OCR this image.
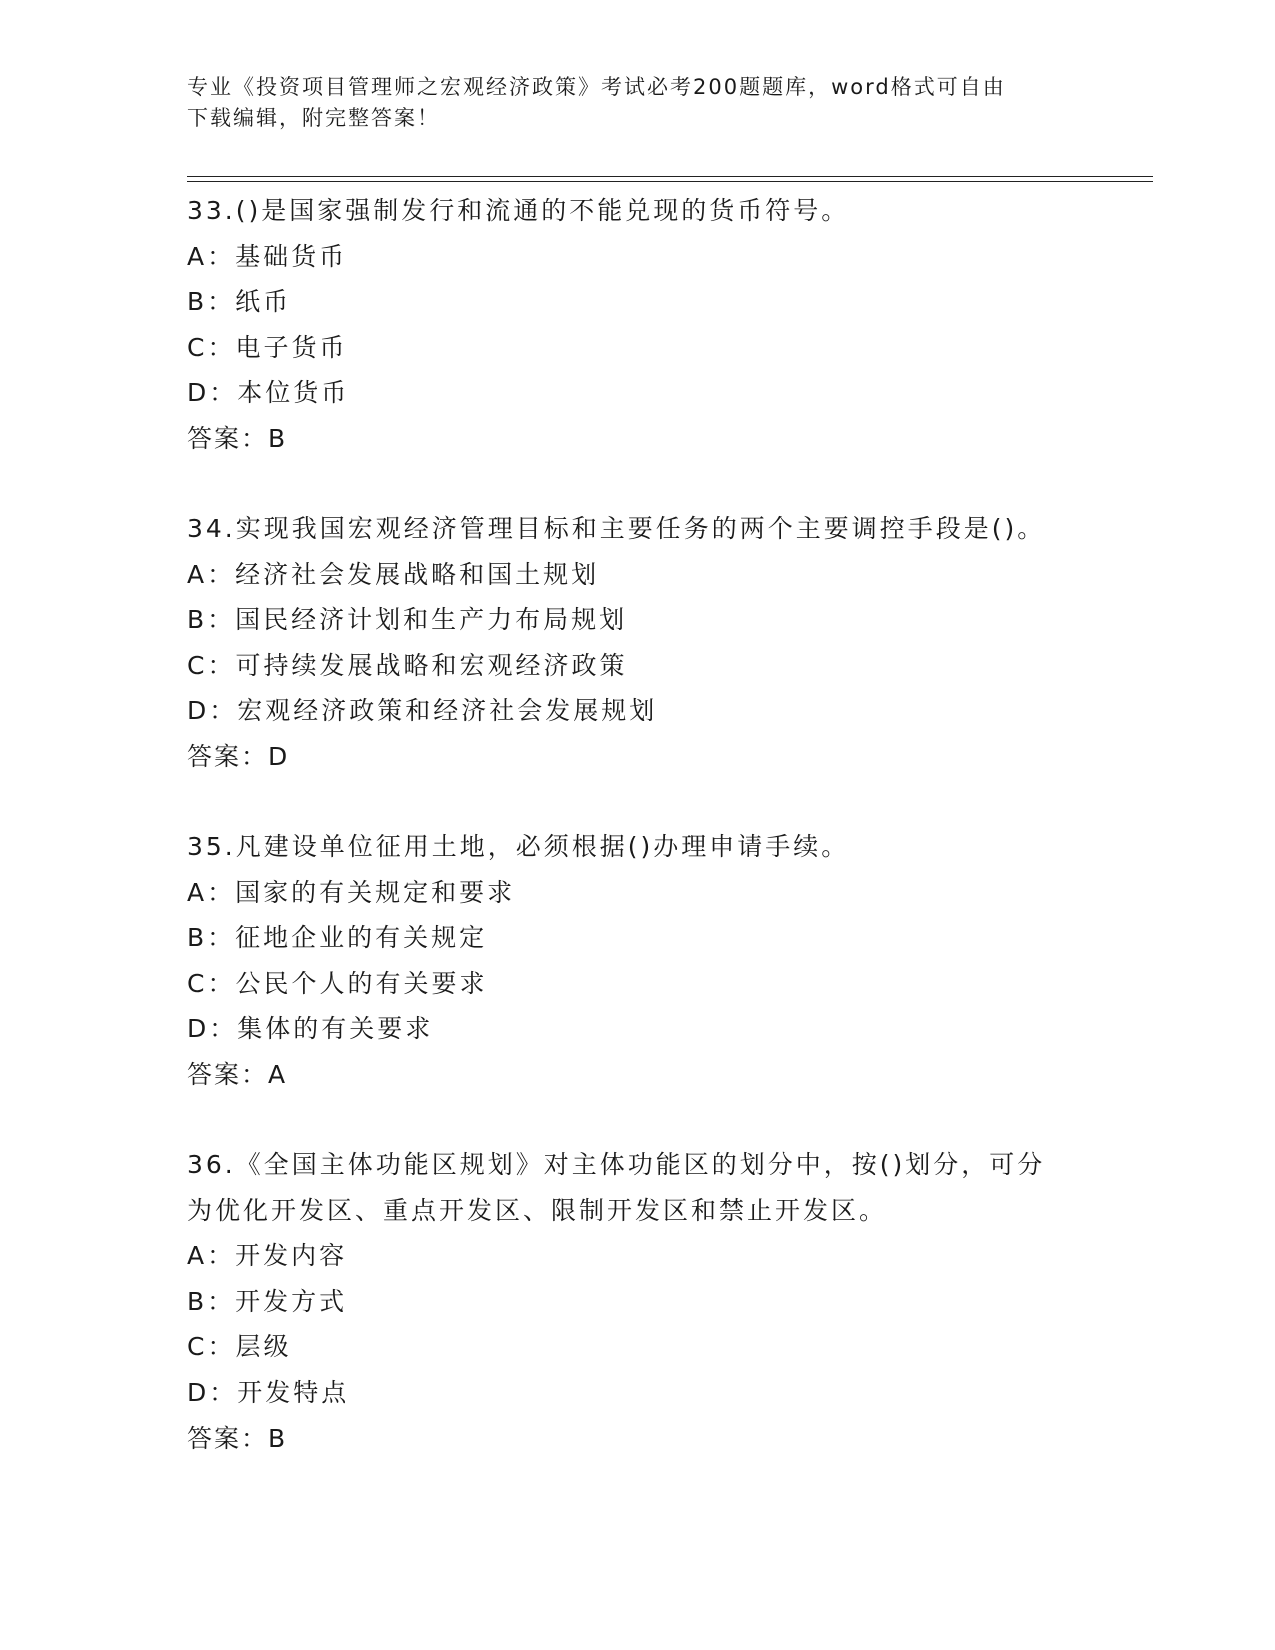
专业《投资项目管理师之宏观经济政策》考试必考200题题库，word格式可自由
下载编辑，附完整答案！
33.()是国家强制发行和流通的不能兑现的货币符号。
A：基础货币
B：纸币
C：电子货币
D：本位货币
答案：B
34.实现我国宏观经济管理目标和主要任务的两个主要调控手段是()。
A：经济社会发展战略和国土规划
B：国民经济计划和生产力布局规划
C：可持续发展战略和宏观经济政策
D：宏观经济政策和经济社会发展规划
答案：D
35.凡建设单位征用土地，必须根据()办理申请手续。
A：国家的有关规定和要求
B：征地企业的有关规定
C：公民个人的有关要求
D：集体的有关要求
答案：A
36.《全国主体功能区规划》对主体功能区的划分中，按()划分，可分为优化开发区、重点开发区、限制开发区和禁止开发区。
A：开发内容
B：开发方式
C：层级
D：开发特点
答案：B
